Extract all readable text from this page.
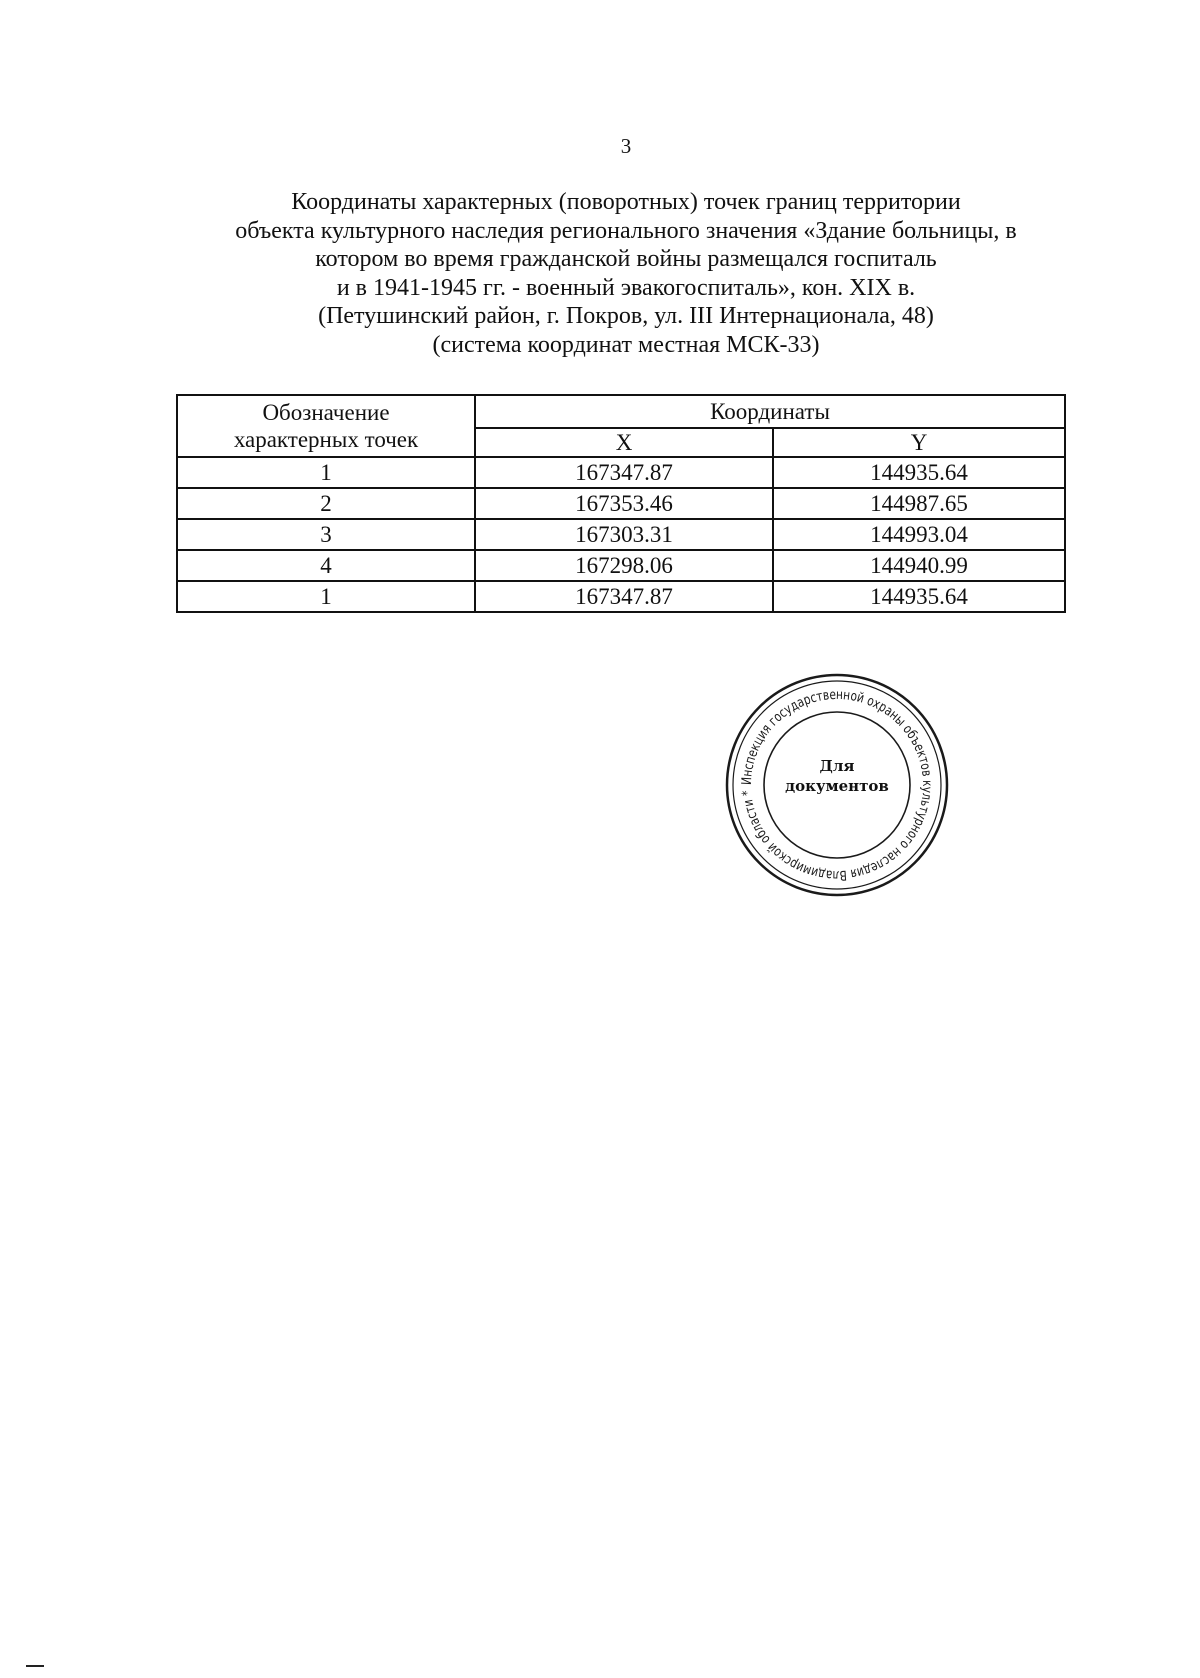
3
Координаты характерных (поворотных) точек границ территории
объекта культурного наследия регионального значения «Здание больницы, в
котором во время гражданской войны размещался госпиталь
и в 1941-1945 гг. - военный эвакогоспиталь», кон. XIX в.
(Петушинский район, г. Покров, ул. III Интернационала, 48)
(система координат местная МСК-33)
Обозначение
характерных точек	Координаты	
	X	Y
1	167347.87	144935.64
2	167353.46	144987.65
3	167303.31	144993.04
4	167298.06	144940.99
1	167347.87	144935.64
Инспекция государственной охраны объектов культурного наследия Владимирской области *
Для
документов
